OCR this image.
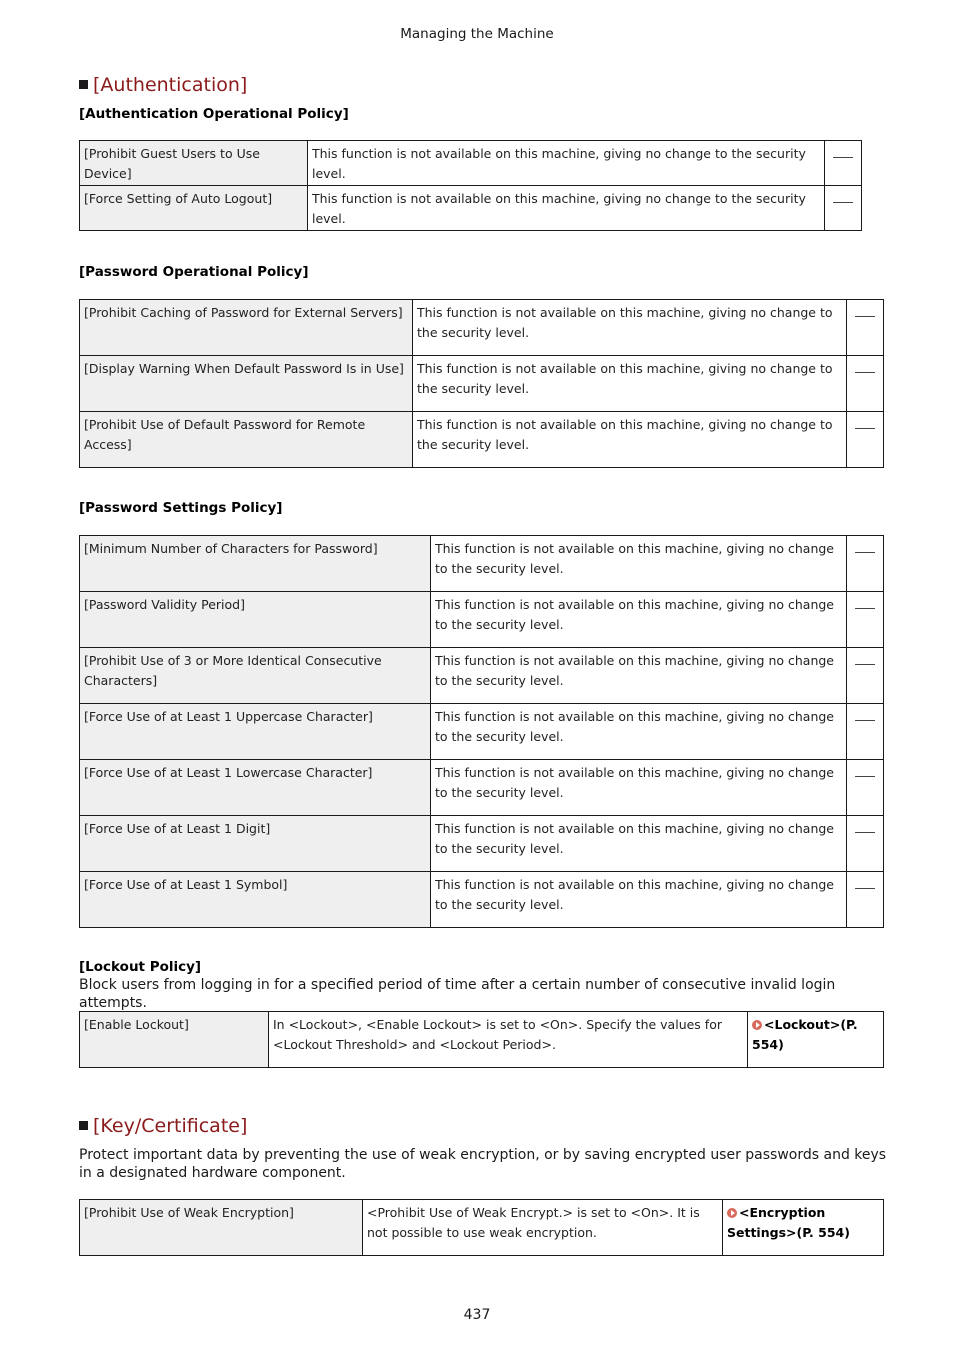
Managing the Machine
[Authentication]
[Authentication Operational Policy]
[Prohibit Guest Users to Use Device]	This function is not available on this machine, giving no change to the security level.	
[Force Setting of Auto Logout]	This function is not available on this machine, giving no change to the security level.	
[Password Operational Policy]
[Prohibit Caching of Password for External Servers]	This function is not available on this machine, giving no change to the security level.	
[Display Warning When Default Password Is in Use]	This function is not available on this machine, giving no change to the security level.	
[Prohibit Use of Default Password for Remote Access]	This function is not available on this machine, giving no change to the security level.	
[Password Settings Policy]
[Minimum Number of Characters for Password]	This function is not available on this machine, giving no change to the security level.	
[Password Validity Period]	This function is not available on this machine, giving no change to the security level.	
[Prohibit Use of 3 or More Identical Consecutive Characters]	This function is not available on this machine, giving no change to the security level.	
[Force Use of at Least 1 Uppercase Character]	This function is not available on this machine, giving no change to the security level.	
[Force Use of at Least 1 Lowercase Character]	This function is not available on this machine, giving no change to the security level.	
[Force Use of at Least 1 Digit]	This function is not available on this machine, giving no change to the security level.	
[Force Use of at Least 1 Symbol]	This function is not available on this machine, giving no change to the security level.	
[Lockout Policy]
Block users from logging in for a specified period of time after a certain number of consecutive invalid login attempts.
[Enable Lockout]	In <Lockout>, <Enable Lockout> is set to <On>. Specify the values for <Lockout Threshold> and <Lockout Period>.	<Lockout>(P. 554)
[Key/Certificate]
Protect important data by preventing the use of weak encryption, or by saving encrypted user passwords and keys in a designated hardware component.
[Prohibit Use of Weak Encryption]	<Prohibit Use of Weak Encrypt.> is set to <On>. It is not possible to use weak encryption.	<Encryption Settings>(P. 554)
437
